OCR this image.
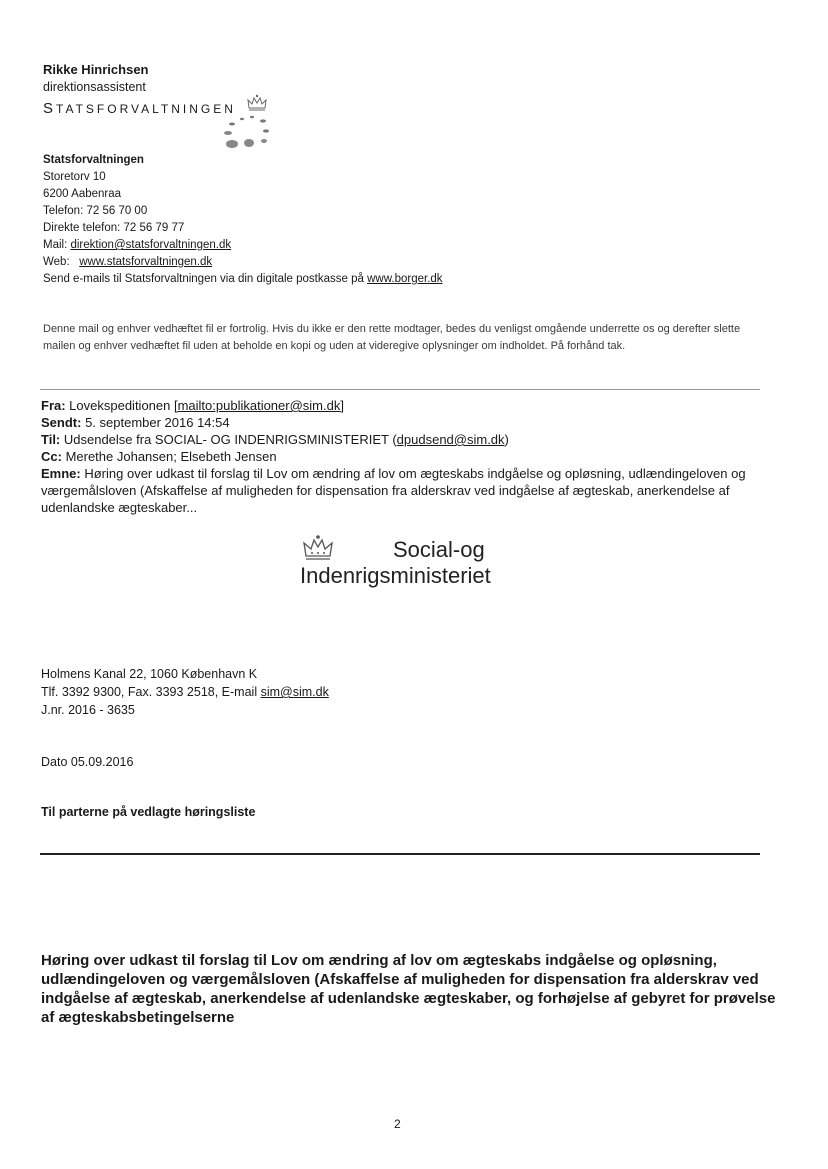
Rikke Hinrichsen
direktionsassistent
STATSFORVALTNINGEN
Statsforvaltningen
Storetorv 10
6200 Aabenraa
Telefon: 72 56 70 00
Direkte telefon: 72 56 79 77
Mail: direktion@statsforvaltningen.dk
Web:   www.statsforvaltningen.dk
Send e-mails til Statsforvaltningen via din digitale postkasse på www.borger.dk
Denne mail og enhver vedhæftet fil er fortrolig. Hvis du ikke er den rette modtager, bedes du venligst omgående underrette os og derefter slette mailen og enhver vedhæftet fil uden at beholde en kopi og uden at videregive oplysninger om indholdet. På forhånd tak.
Fra: Lovekspeditionen [mailto:publikationer@sim.dk]
Sendt: 5. september 2016 14:54
Til: Udsendelse fra SOCIAL- OG INDENRIGSMINISTERIET (dpudsend@sim.dk)
Cc: Merethe Johansen; Elsebeth Jensen
Emne: Høring over udkast til forslag til Lov om ændring af lov om ægteskabs indgåelse og opløsning, udlændingeloven og værgemålsloven (Afskaffelse af muligheden for dispensation fra alderskrav ved indgåelse af ægteskab, anerkendelse af udenlandske ægteskaber...
Social-og
Indenrigsministeriet
Holmens Kanal 22, 1060 København K
Tlf. 3392 9300, Fax. 3393 2518, E-mail sim@sim.dk
J.nr. 2016 - 3635
Dato 05.09.2016
Til parterne på vedlagte høringsliste
Høring over udkast til forslag til Lov om ændring af lov om ægteskabs indgåelse og opløsning, udlændingeloven og værgemålsloven (Afskaffelse af muligheden for dispensation fra alderskrav ved indgåelse af ægteskab, anerkendelse af udenlandske ægteskaber, og forhøjelse af gebyret for prøvelse af ægteskabsbetingelserne
2
